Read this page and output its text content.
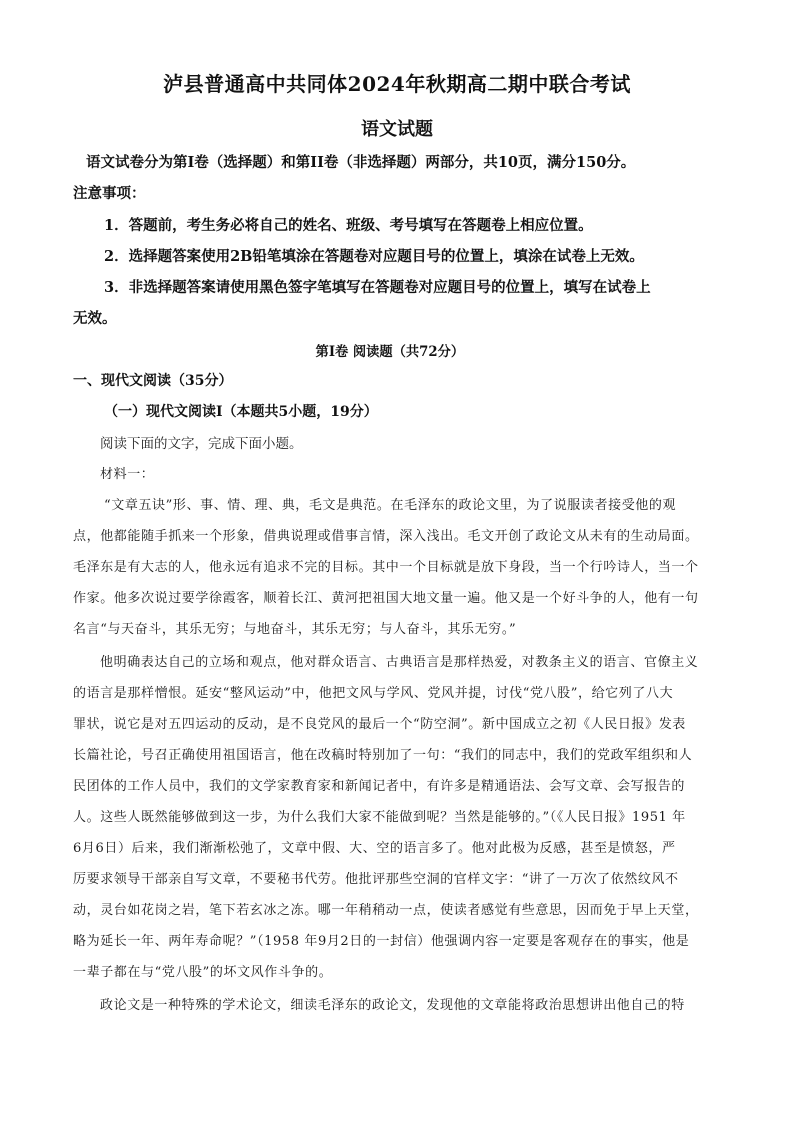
泸县普通高中共同体2024年秋期高二期中联合考试
语文试题
语文试卷分为第Ⅰ卷（选择题）和第II卷（非选择题）两部分，共10页，满分150分。
注意事项：
1．答题前，考生务必将自己的姓名、班级、考号填写在答题卷上相应位置。
2．选择题答案使用2B铅笔填涂在答题卷对应题目号的位置上，填涂在试卷上无效。
3．非选择题答案请使用黑色签字笔填写在答题卷对应题目号的位置上，填写在试卷上
无效。
第Ⅰ卷 阅读题（共72分）
一、现代文阅读（35分）
（一）现代文阅读Ⅰ（本题共5小题，19分）
阅读下面的文字，完成下面小题。
材料一：
“文章五诀”形、事、情、理、典，毛文是典范。在毛泽东的政论文里，为了说服读者接受他的观
点，他都能随手抓来一个形象，借典说理或借事言情，深入浅出。毛文开创了政论文从未有的生动局面。
毛泽东是有大志的人，他永远有追求不完的目标。其中一个目标就是放下身段，当一个行吟诗人，当一个
作家。他多次说过要学徐霞客，顺着长江、黄河把祖国大地文量一遍。他又是一个好斗争的人，他有一句
名言“与天奋斗，其乐无穷；与地奋斗，其乐无穷；与人奋斗，其乐无穷。”
他明确表达自己的立场和观点，他对群众语言、古典语言是那样热爱，对教条主义的语言、官僚主义
的语言是那样憎恨。延安“整风运动”中，他把文风与学风、党风并提，讨伐“党八股”，给它列了八大
罪状，说它是对五四运动的反动，是不良党风的最后一个“防空洞”。新中国成立之初《人民日报》发表
长篇社论，号召正确使用祖国语言，他在改稿时特别加了一句：“我们的同志中，我们的党政军组织和人
民团体的工作人员中，我们的文学家教育家和新闻记者中，有许多是精通语法、会写文章、会写报告的
人。这些人既然能够做到这一步，为什么我们大家不能做到呢？当然是能够的。”（《人民日报》1951 年
6月6日）后来，我们渐渐松弛了，文章中假、大、空的语言多了。他对此极为反感，甚至是愤怒，严
厉要求领导干部亲自写文章，不要秘书代劳。他批评那些空洞的官样文字：“讲了一万次了依然纹风不
动，灵台如花岗之岩，笔下若玄冰之冻。哪一年稍稍动一点，使读者感觉有些意思，因而免于早上天堂，
略为延长一年、两年寿命呢？”（1958 年9月2日的一封信）他强调内容一定要是客观存在的事实，他是
一辈子都在与“党八股”的坏文风作斗争的。
政论文是一种特殊的学术论文，细读毛泽东的政论文，发现他的文章能将政治思想讲出他自己的特
